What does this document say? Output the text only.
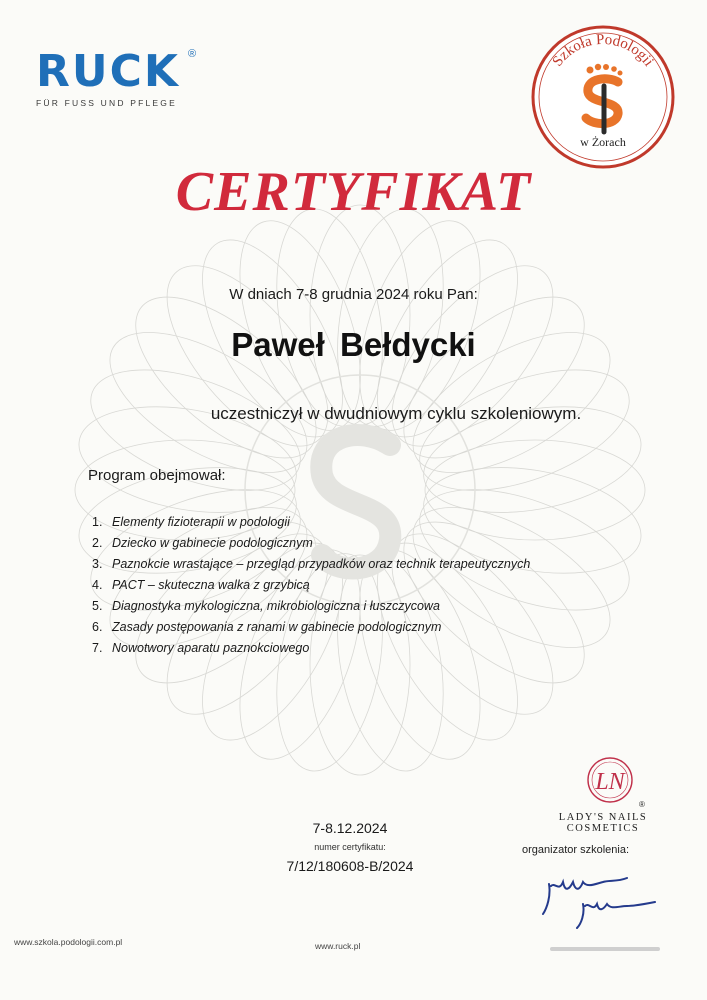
RUCK ®
FÜR FUSS UND PFLEGE
Szkoła Podologii
w Żorach
CERTYFIKAT
W dniach 7-8 grudnia 2024 roku Pan:
Paweł Bełdycki
uczestniczył w dwudniowym cyklu szkoleniowym.
Program obejmował:
1. Elementy fizioterapii w podologii
2. Dziecko w gabinecie podologicznym
3. Paznokcie wrastające – przegląd przypadków oraz technik terapeutycznych
4. PACT – skuteczna walka z grzybicą
5. Diagnostyka mykologiczna, mikrobiologiczna i łuszczycowa
6. Zasady postępowania z ranami w gabinecie podologicznym
7. Nowotwory aparatu paznokciowego
7-8.12.2024
numer certyfikatu:
7/12/180608-B/2024
LN
®
LADY'S NAILS
COSMETICS
organizator szkolenia:
www.szkola.podologii.com.pl	www.ruck.pl
